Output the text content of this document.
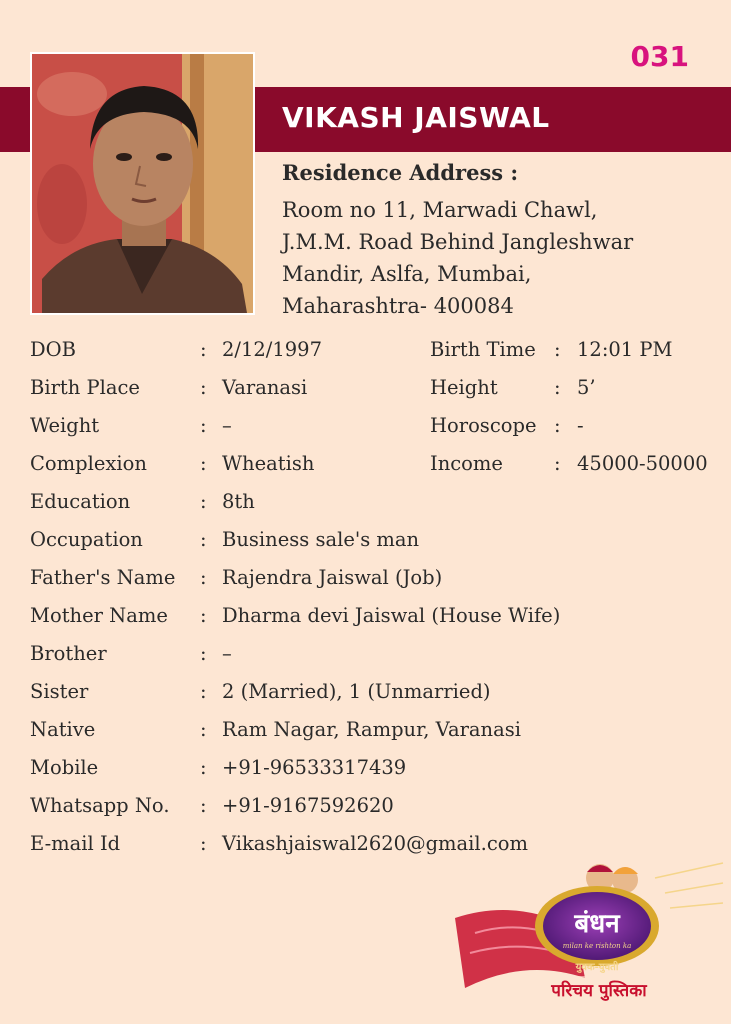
031
VIKASH JAISWAL
Residence Address :
Room no 11, Marwadi Chawl,
J.M.M. Road Behind Jangleshwar
Mandir, Aslfa, Mumbai,
Maharashtra- 400084
DOB	: 2/12/1997	Birth Time : 12:01 PM
Birth Place	: Varanasi	Height	: 5’
Weight	: –	Horoscope : -
Complexion	: Wheatish	Income	: 45000-50000
Education	: 8th
Occupation	: Business sale's man
Father's Name : Rajendra Jaiswal (Job)
Mother Name : Dharma devi Jaiswal (House Wife)
Brother	: –
Sister	: 2 (Married), 1 (Unmarried)
Native	: Ram Nagar, Rampur, Varanasi
Mobile	: +91-96533317439
Whatsapp No. : +91-9167592620
E-mail Id	: Vikashjaiswal2620@gmail.com
बंधन
milan ke rishton ka
युवक-युवती
परिचय पुस्तिका
